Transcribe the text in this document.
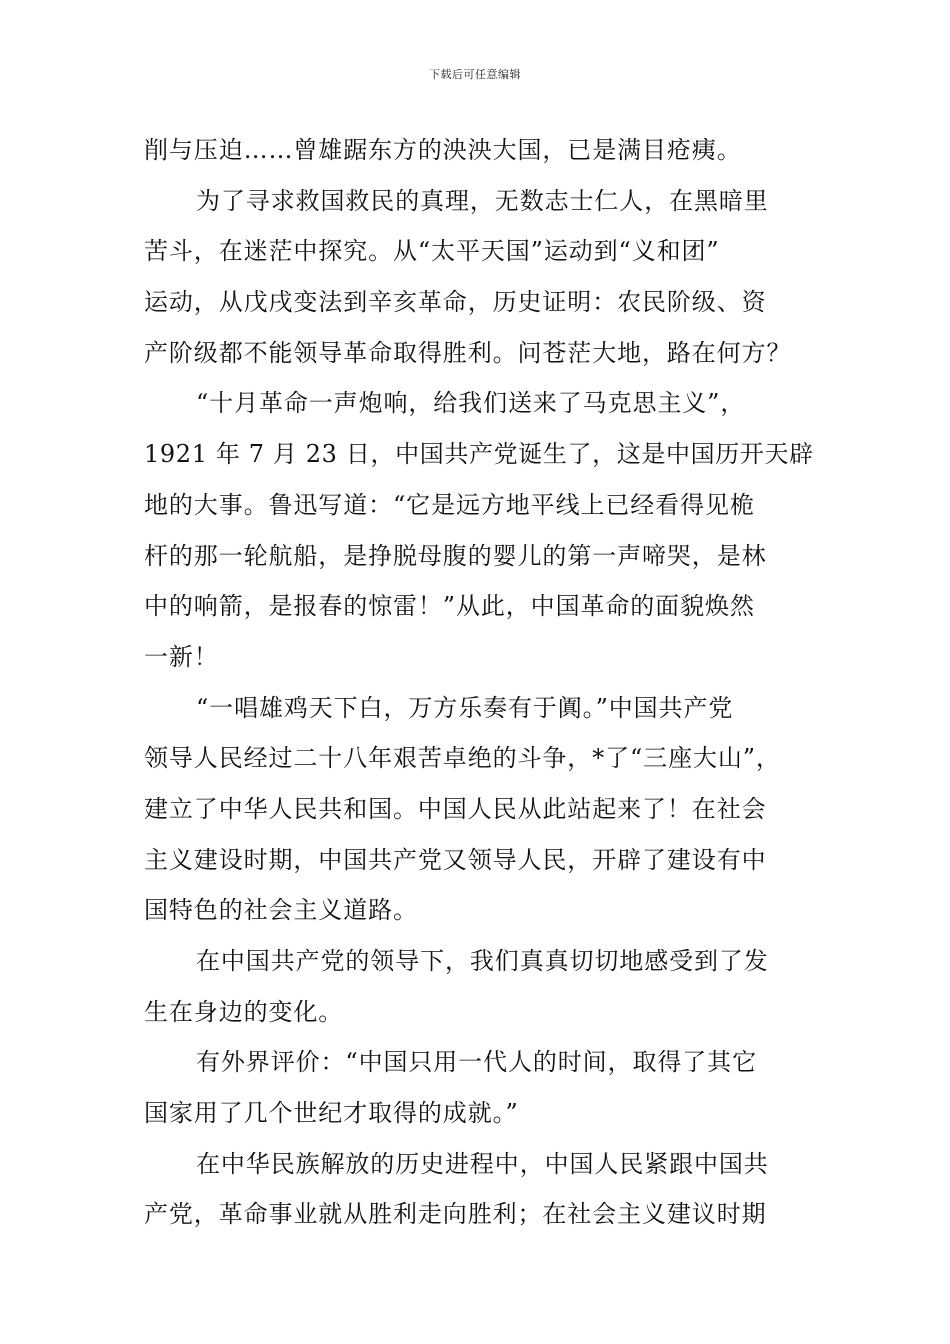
下载后可任意编辑
削与压迫……曾雄踞东方的泱泱大国，已是满目疮痍。
为了寻求救国救民的真理，无数志士仁人，在黑暗里
苦斗，在迷茫中探究。从“太平天国”运动到“义和团”
运动，从戊戌变法到辛亥革命，历史证明：农民阶级、资
产阶级都不能领导革命取得胜利。问苍茫大地，路在何方？
“十月革命一声炮响，给我们送来了马克思主义”，
1921 年 7 月 23 日，中国共产党诞生了，这是中国历开天辟
地的大事。鲁迅写道：“它是远方地平线上已经看得见桅
杆的那一轮航船，是挣脱母腹的婴儿的第一声啼哭，是林
中的响箭，是报春的惊雷！”从此，中国革命的面貌焕然
一新！
“一唱雄鸡天下白，万方乐奏有于阗。”中国共产党
领导人民经过二十八年艰苦卓绝的斗争，*了“三座大山”，
建立了中华人民共和国。中国人民从此站起来了！在社会
主义建设时期，中国共产党又领导人民，开辟了建设有中
国特色的社会主义道路。
在中国共产党的领导下，我们真真切切地感受到了发
生在身边的变化。
有外界评价：“中国只用一代人的时间，取得了其它
国家用了几个世纪才取得的成就。”
在中华民族解放的历史进程中，中国人民紧跟中国共
产党，革命事业就从胜利走向胜利；在社会主义建议时期
